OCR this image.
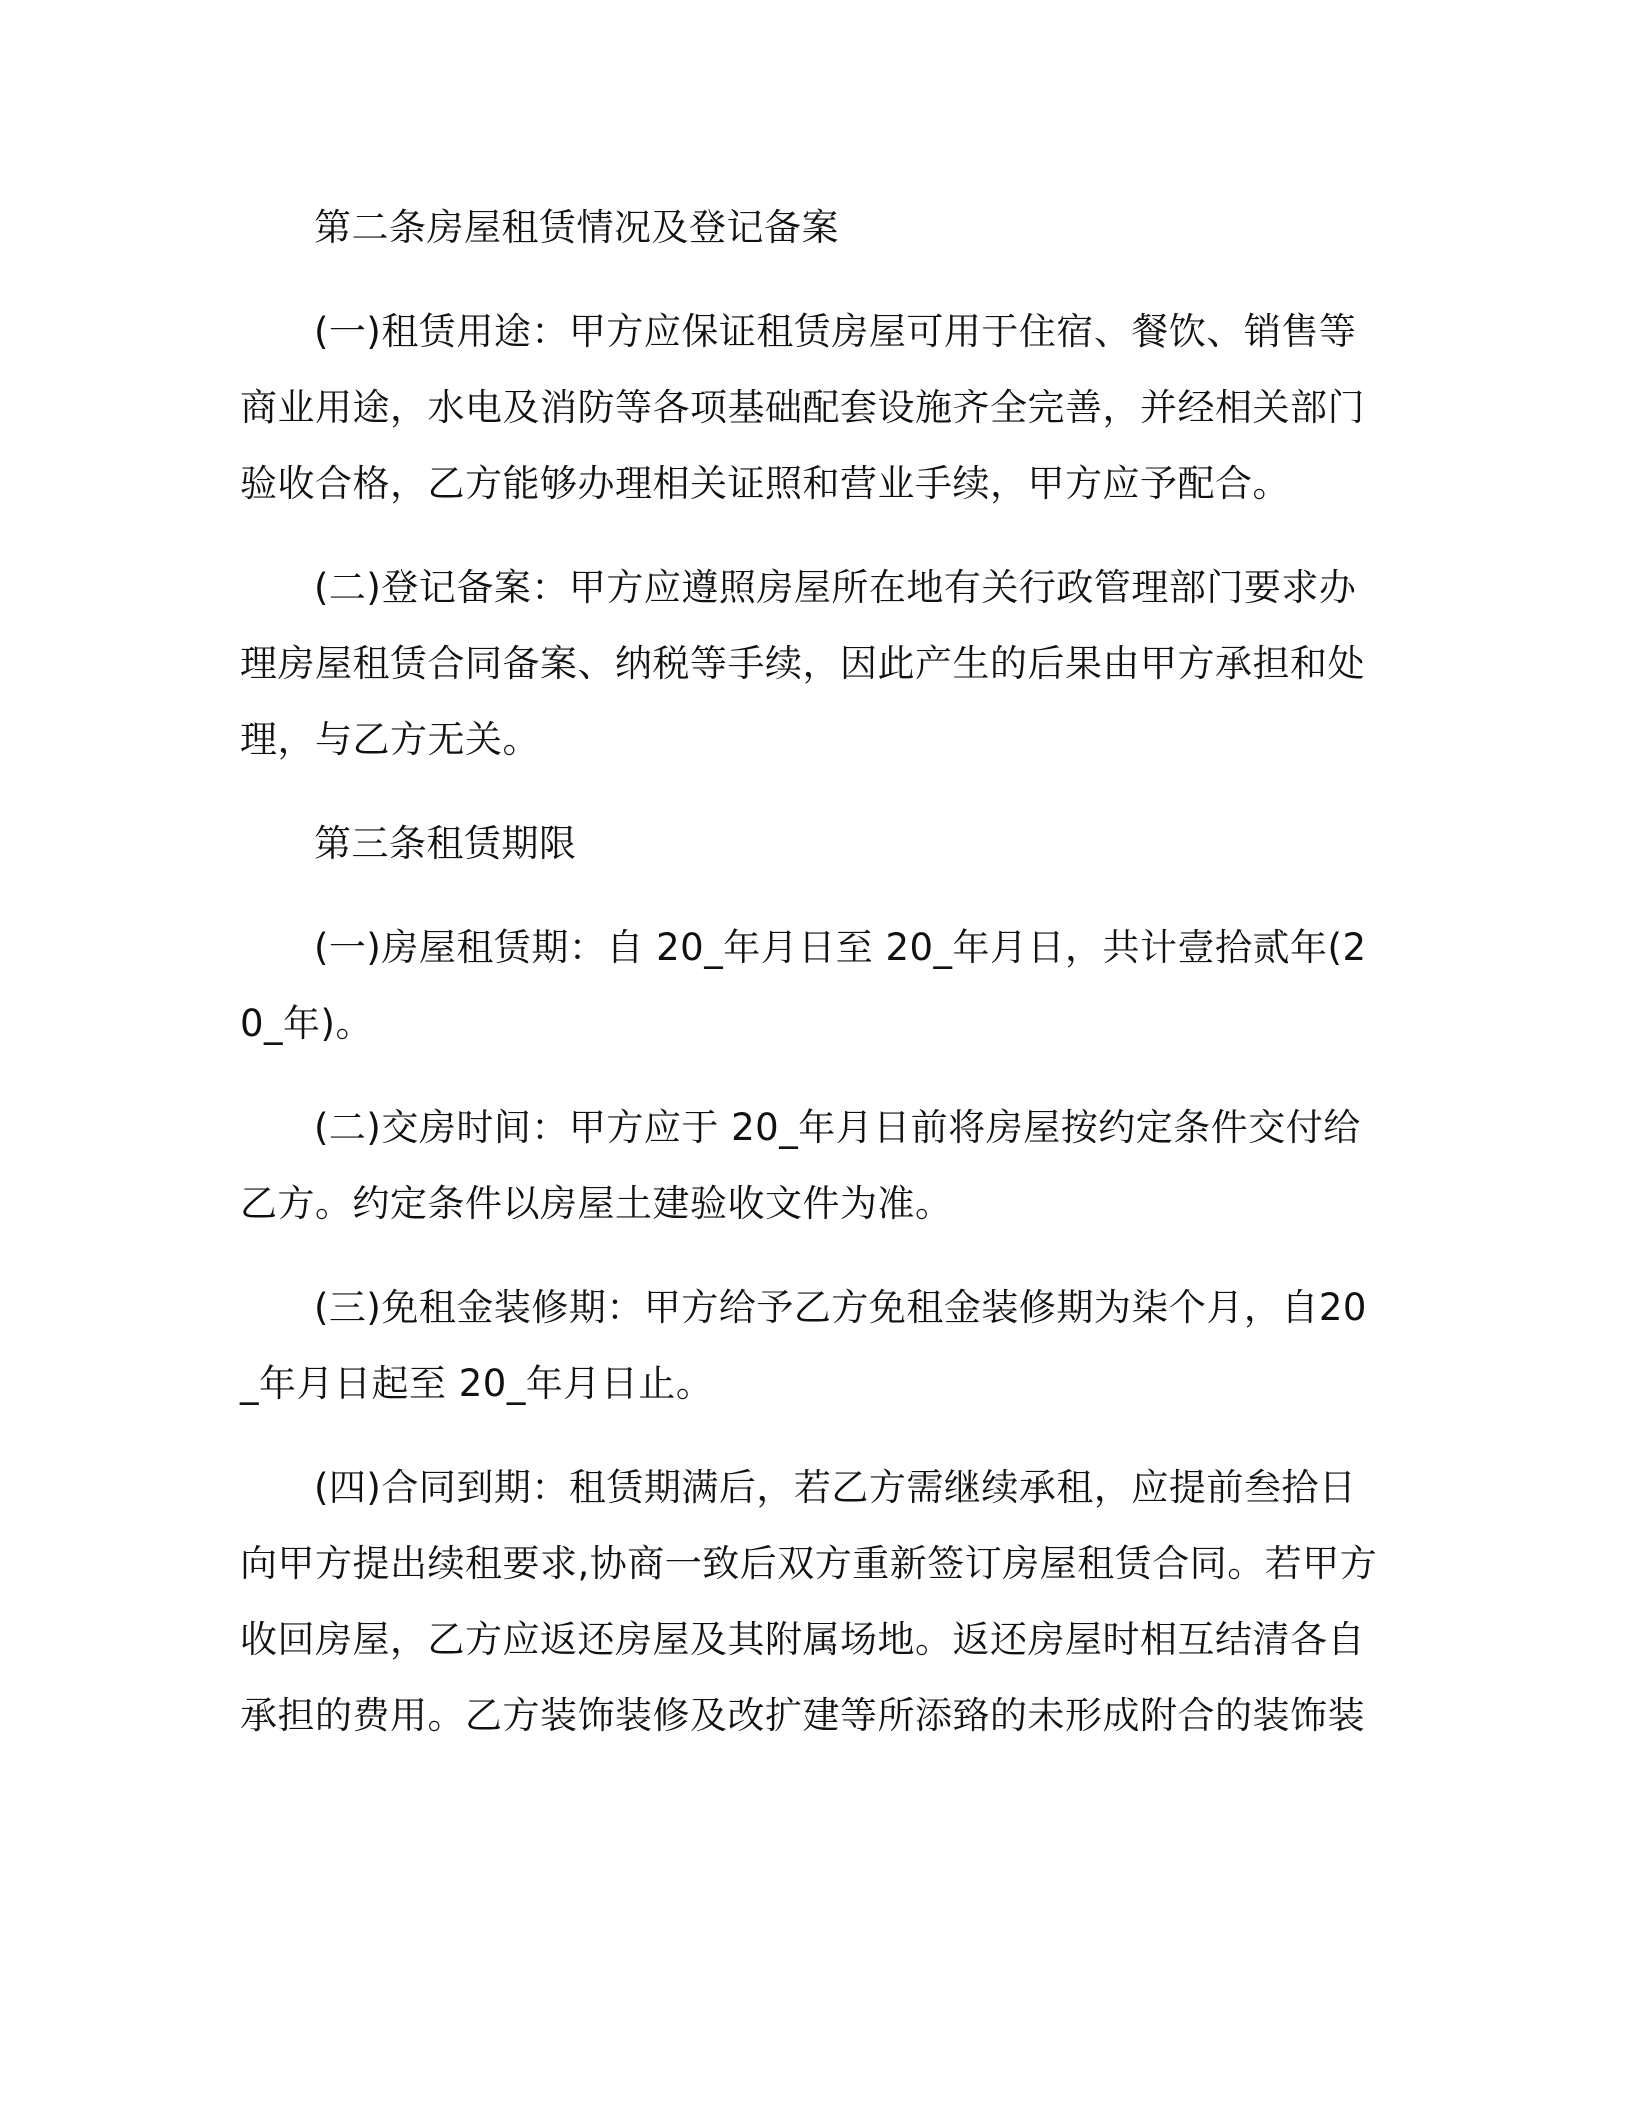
第二条房屋租赁情况及登记备案

(一)租赁用途：甲方应保证租赁房屋可用于住宿、餐饮、销售等商业用途，水电及消防等各项基础配套设施齐全完善，并经相关部门验收合格，乙方能够办理相关证照和营业手续，甲方应予配合。

(二)登记备案：甲方应遵照房屋所在地有关行政管理部门要求办理房屋租赁合同备案、纳税等手续，因此产生的后果由甲方承担和处理，与乙方无关。

第三条租赁期限

(一)房屋租赁期：自 20_年月日至 20_年月日，共计壹拾贰年(20_年)。

(二)交房时间：甲方应于 20_年月日前将房屋按约定条件交付给乙方。约定条件以房屋土建验收文件为准。

(三)免租金装修期：甲方给予乙方免租金装修期为柒个月，自20_年月日起至 20_年月日止。

(四)合同到期：租赁期满后，若乙方需继续承租，应提前叁拾日向甲方提出续租要求,协商一致后双方重新签订房屋租赁合同。若甲方收回房屋，乙方应返还房屋及其附属场地。返还房屋时相互结清各自承担的费用。乙方装饰装修及改扩建等所添臵的未形成附合的装饰装
